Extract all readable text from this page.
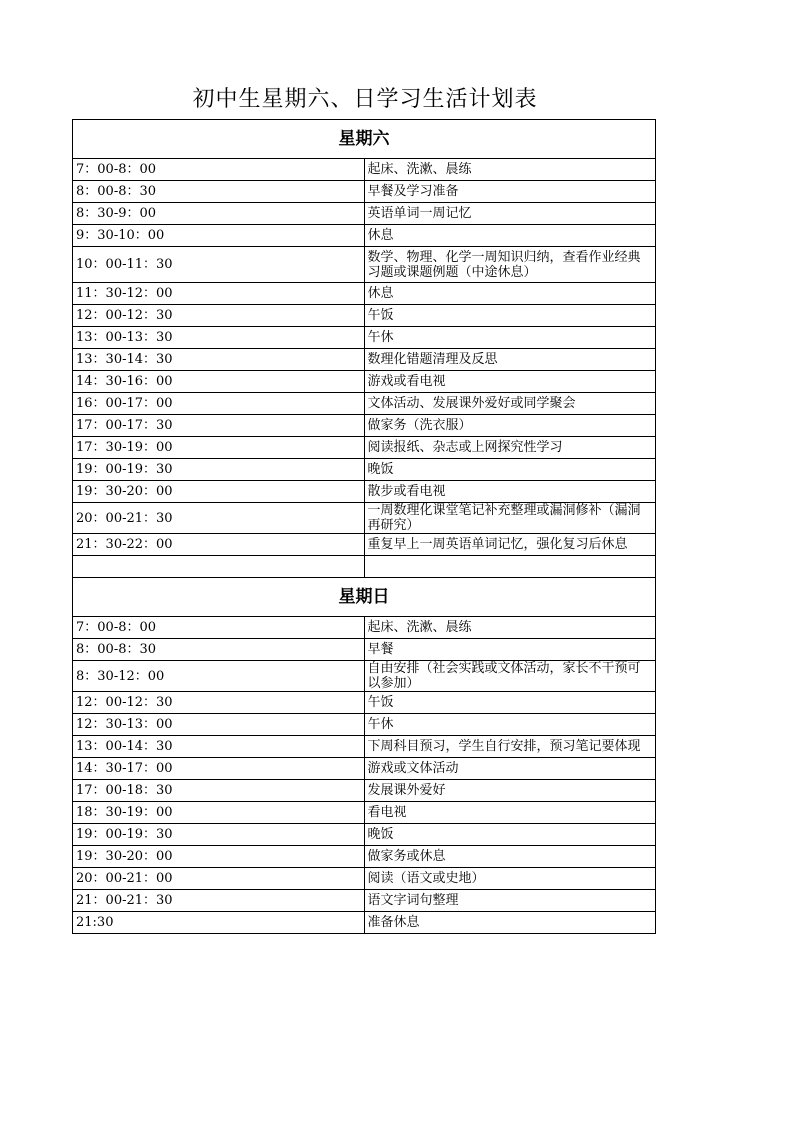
初中生星期六、日学习生活计划表
星期六	
7：00-8：00	起床、洗漱、晨练
8：00-8：30	早餐及学习准备
8：30-9：00	英语单词一周记忆
9：30-10：00	休息
10：00-11：30	数学、物理、化学一周知识归纳，查看作业经典习题或课题例题（中途休息）
11：30-12：00	休息
12：00-12：30	午饭
13：00-13：30	午休
13：30-14：30	数理化错题清理及反思
14：30-16：00	游戏或看电视
16：00-17：00	文体活动、发展课外爱好或同学聚会
17：00-17：30	做家务（洗衣服）
17：30-19：00	阅读报纸、杂志或上网探究性学习
19：00-19：30	晚饭
19：30-20：00	散步或看电视
20：00-21：30	一周数理化课堂笔记补充整理或漏洞修补（漏洞再研究）
21：30-22：00	重复早上一周英语单词记忆，强化复习后休息

星期日	
7：00-8：00	起床、洗漱、晨练
8：00-8：30	早餐
8：30-12：00	自由安排（社会实践或文体活动，家长不干预可以参加）
12：00-12：30	午饭
12：30-13：00	午休
13：00-14：30	下周科目预习，学生自行安排，预习笔记要体现
14：30-17：00	游戏或文体活动
17：00-18：30	发展课外爱好
18：30-19：00	看电视
19：00-19：30	晚饭
19：30-20：00	做家务或休息
20：00-21：00	阅读（语文或史地）
21：00-21：30	语文字词句整理
21:30	准备休息
